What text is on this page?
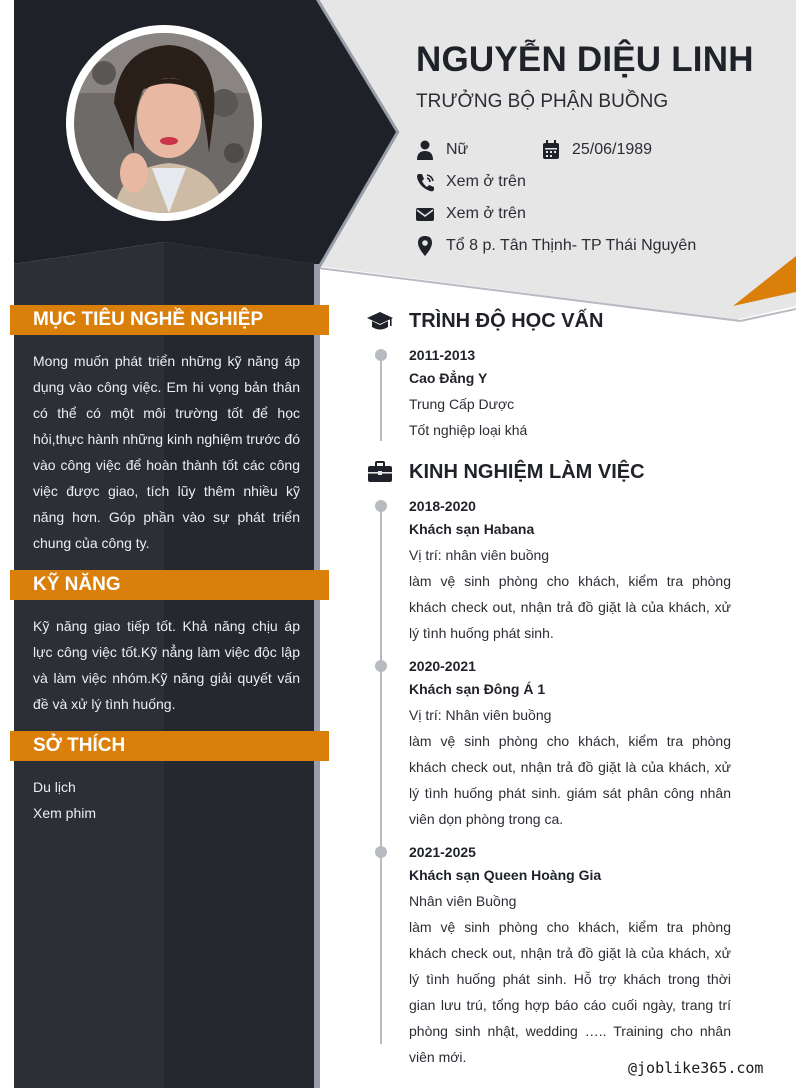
NGUYỄN DIỆU LINH
TRƯỞNG BỘ PHẬN BUỒNG
Nữ	25/06/1989
Xem ở trên
Xem ở trên
Tổ 8 p. Tân Thịnh- TP Thái Nguyên
MỤC TIÊU NGHỀ NGHIỆP
Mong muốn phát triển những kỹ năng áp dụng vào công việc. Em hi vọng bản thân có thể có một môi trường tốt để học hỏi,thực hành những kinh nghiệm trước đó vào công việc để hoàn thành tốt các công việc được giao, tích lũy thêm nhiều kỹ năng hơn. Góp phần vào sự phát triển chung của công ty.
KỸ NĂNG
Kỹ năng giao tiếp tốt. Khả năng chịu áp lực công việc tốt.Kỹ nẳng làm việc độc lập và làm việc nhóm.Kỹ năng giải quyết vấn đề và xử lý tình huống.
SỞ THÍCH
Du lịch
Xem phim
TRÌNH ĐỘ HỌC VẤN
2011-2013
Cao Đẳng Y
Trung Cấp Dược
Tốt nghiệp loại khá
KINH NGHIỆM LÀM VIỆC
2018-2020
Khách sạn Habana
Vị trí: nhân viên buồng
làm vệ sinh phòng cho khách, kiểm tra phòng khách check out, nhận trả đồ giặt là của khách, xử lý tình huống phát sinh.
2020-2021
Khách sạn Đông Á 1
Vị trí: Nhân viên buồng
làm vệ sinh phòng cho khách, kiểm tra phòng khách check out, nhận trả đồ giặt là của khách, xử lý tình huống phát sinh. giám sát phân công nhân viên dọn phòng trong ca.
2021-2025
Khách sạn Queen Hoàng Gia
Nhân viên Buồng
làm vệ sinh phòng cho khách, kiểm tra phòng khách check out, nhận trả đồ giặt là của khách, xử lý tình huống phát sinh. Hỗ trợ khách trong thời gian lưu trú, tổng hợp báo cáo cuối ngày, trang trí phòng sinh nhật, wedding ….. Training cho nhân viên mới.
@joblike365.com
